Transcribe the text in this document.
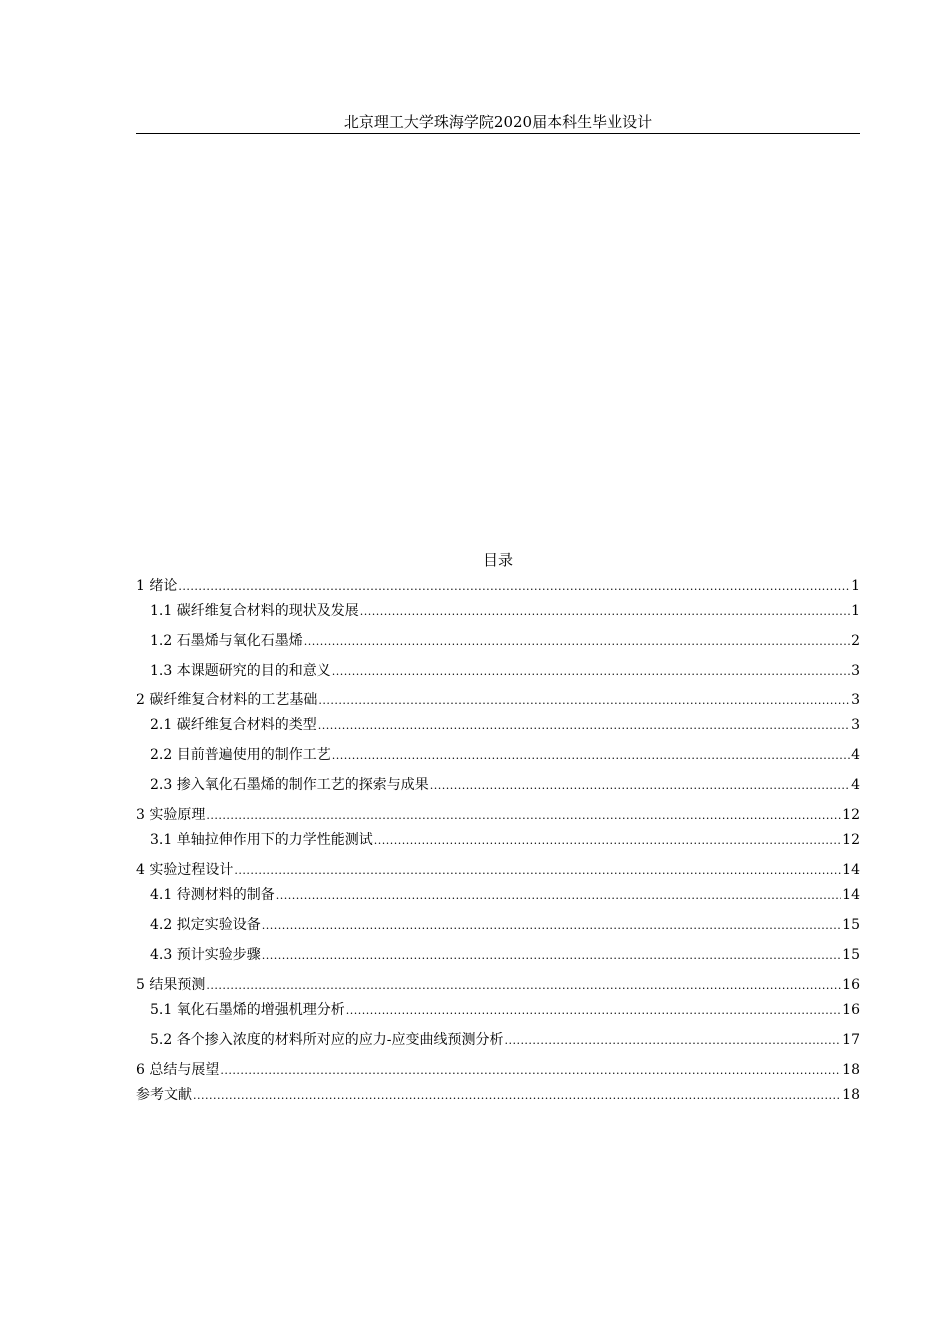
北京理工大学珠海学院2020届本科生毕业设计
目录
1 绪论 .....	1
1.1 碳纤维复合材料的现状及发展 .....	1
1.2 石墨烯与氧化石墨烯 .....	2
1.3 本课题研究的目的和意义 .....	3
2 碳纤维复合材料的工艺基础 .....	3
2.1 碳纤维复合材料的类型 .....	3
2.2 目前普遍使用的制作工艺 .....	4
2.3 掺入氧化石墨烯的制作工艺的探索与成果 .....	4
3 实验原理 .....	12
3.1 单轴拉伸作用下的力学性能测试 .....	12
4 实验过程设计 .....	14
4.1 待测材料的制备 .....	14
4.2 拟定实验设备 .....	15
4.3 预计实验步骤 .....	15
5 结果预测 .....	16
5.1 氧化石墨烯的增强机理分析 .....	16
5.2 各个掺入浓度的材料所对应的应力-应变曲线预测分析 .....	17
6 总结与展望 .....	18
参考文献 .....	18
